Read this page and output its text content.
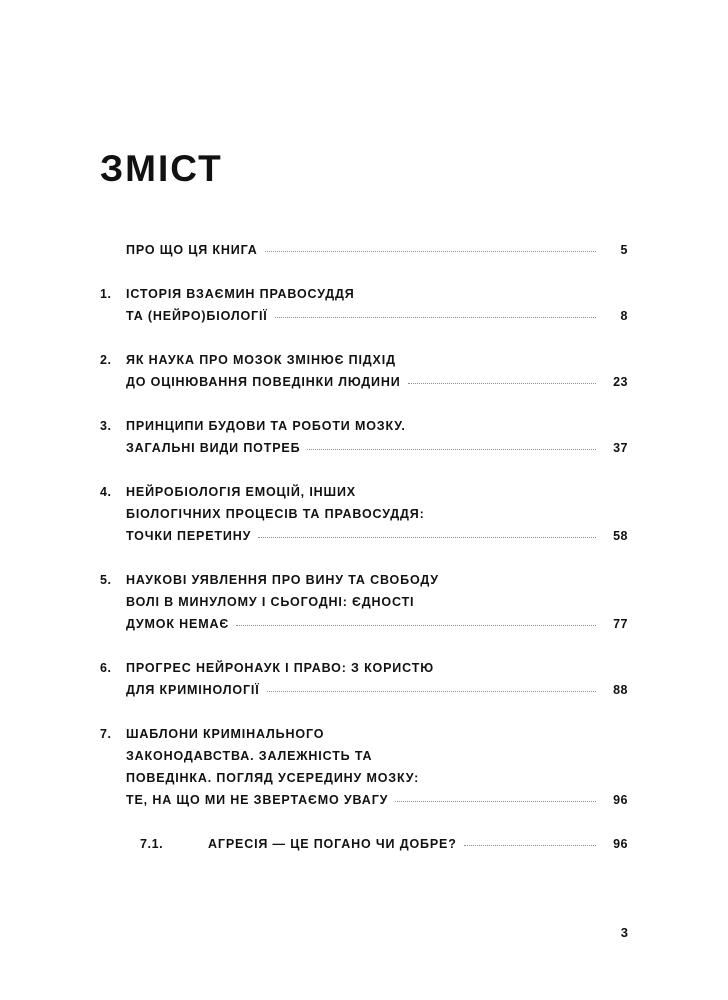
ЗМІСТ
ПРО ЩО ЦЯ КНИГА	5
1.	ІСТОРІЯ ВЗАЄМИН ПРАВОСУДДЯ
ТА (НЕЙРО)БІОЛОГІЇ	8
2.	ЯК НАУКА ПРО МОЗОК ЗМІНЮЄ ПІДХІД
ДО ОЦІНЮВАННЯ ПОВЕДІНКИ ЛЮДИНИ	23
3.	ПРИНЦИПИ БУДОВИ ТА РОБОТИ МОЗКУ.
ЗАГАЛЬНІ ВИДИ ПОТРЕБ	37
4.	НЕЙРОБІОЛОГІЯ ЕМОЦІЙ, ІНШИХ
БІОЛОГІЧНИХ ПРОЦЕСІВ ТА ПРАВОСУДДЯ:
ТОЧКИ ПЕРЕТИНУ	58
5.	НАУКОВІ УЯВЛЕННЯ ПРО ВИНУ ТА СВОБОДУ
ВОЛІ В МИНУЛОМУ І СЬОГОДНІ: ЄДНОСТІ
ДУМОК НЕМАЄ	77
6.	ПРОГРЕС НЕЙРОНАУК І ПРАВО: З КОРИСТЮ
ДЛЯ КРИМІНОЛОГІЇ	88
7.	ШАБЛОНИ КРИМІНАЛЬНОГО
ЗАКОНОДАВСТВА. ЗАЛЕЖНІСТЬ ТА
ПОВЕДІНКА. ПОГЛЯД УСЕРЕДИНУ МОЗКУ:
ТЕ, НА ЩО МИ НЕ ЗВЕРТАЄМО УВАГУ	96
7.1.	АГРЕСІЯ — ЦЕ ПОГАНО ЧИ ДОБРЕ?	96
3
